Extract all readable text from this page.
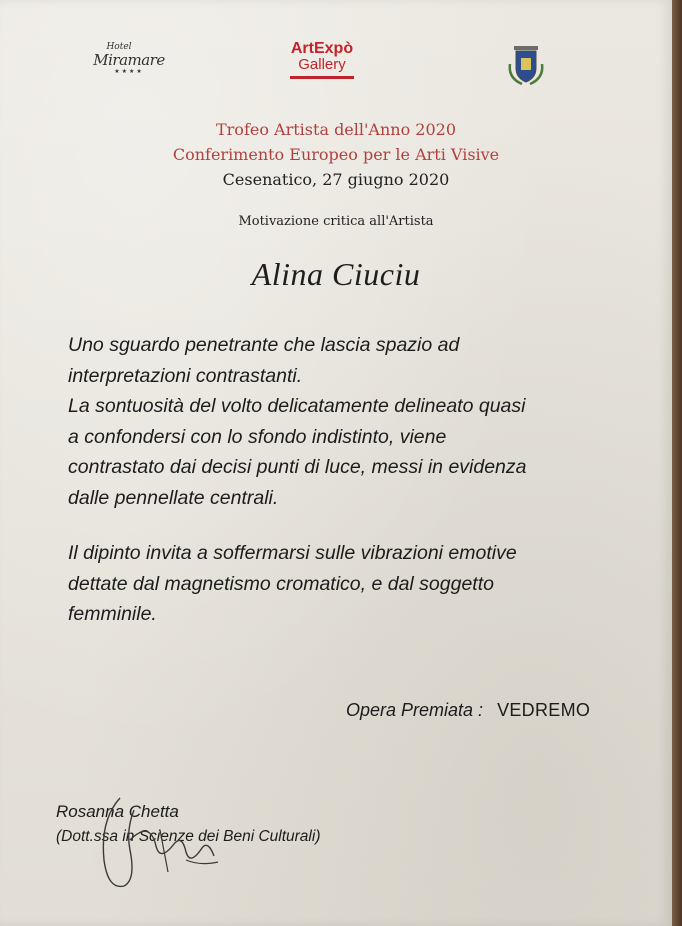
Hotel
Miramare
★★★★
ArtExpò
Gallery
Trofeo Artista dell'Anno 2020
Conferimento Europeo per le Arti Visive
Cesenatico, 27 giugno 2020
Motivazione critica all'Artista
Alina Ciuciu
Uno sguardo penetrante che lascia spazio ad
interpretazioni contrastanti.
La sontuosità del volto delicatamente delineato quasi
a confondersi con lo sfondo indistinto, viene
contrastato dai decisi punti di luce, messi in evidenza
dalle pennellate centrali.
Il dipinto invita a soffermarsi sulle vibrazioni emotive
dettate dal magnetismo cromatico, e dal soggetto
femminile.
Opera Premiata : VEDREMO
Rosanna Chetta
(Dott.ssa in Scienze dei Beni Culturali)
